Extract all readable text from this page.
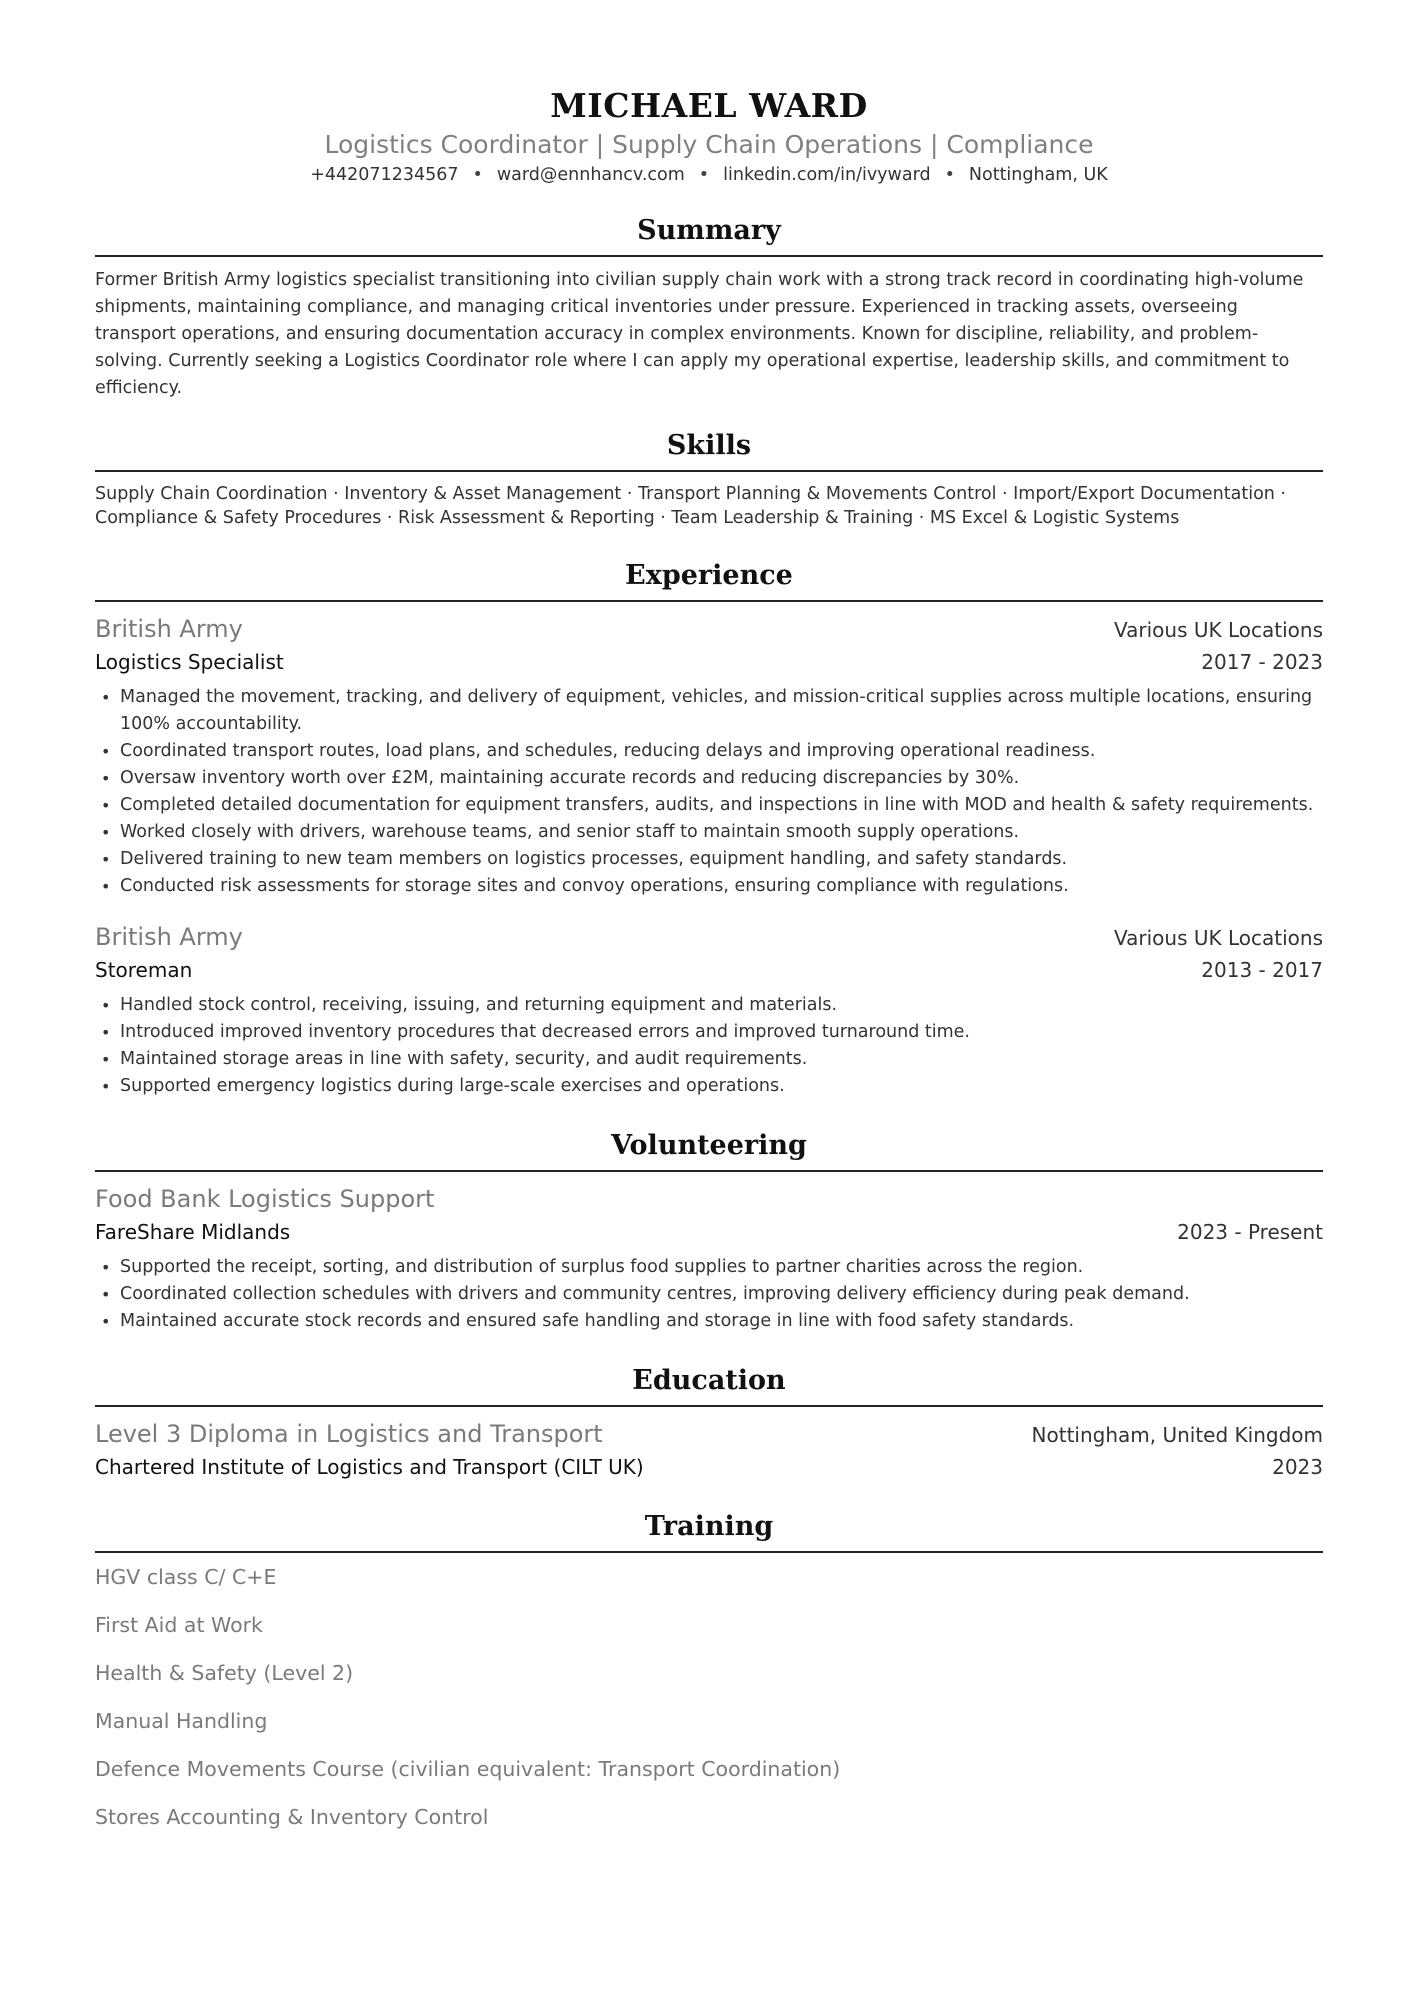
MICHAEL WARD
Logistics Coordinator | Supply Chain Operations | Compliance
+442071234567 • ward@ennhancv.com • linkedin.com/in/ivyward • Nottingham, UK
Summary
Former British Army logistics specialist transitioning into civilian supply chain work with a strong track record in coordinating high-volume shipments, maintaining compliance, and managing critical inventories under pressure. Experienced in tracking assets, overseeing transport operations, and ensuring documentation accuracy in complex environments. Known for discipline, reliability, and problem-solving. Currently seeking a Logistics Coordinator role where I can apply my operational expertise, leadership skills, and commitment to efficiency.
Skills
Supply Chain Coordination · Inventory & Asset Management · Transport Planning & Movements Control · Import/Export Documentation ·
Compliance & Safety Procedures · Risk Assessment & Reporting · Team Leadership & Training · MS Excel & Logistic Systems
Experience
British Army	Various UK Locations
Logistics Specialist	2017 - 2023
• Managed the movement, tracking, and delivery of equipment, vehicles, and mission-critical supplies across multiple locations, ensuring 100% accountability.
• Coordinated transport routes, load plans, and schedules, reducing delays and improving operational readiness.
• Oversaw inventory worth over £2M, maintaining accurate records and reducing discrepancies by 30%.
• Completed detailed documentation for equipment transfers, audits, and inspections in line with MOD and health & safety requirements.
• Worked closely with drivers, warehouse teams, and senior staff to maintain smooth supply operations.
• Delivered training to new team members on logistics processes, equipment handling, and safety standards.
• Conducted risk assessments for storage sites and convoy operations, ensuring compliance with regulations.
British Army	Various UK Locations
Storeman	2013 - 2017
• Handled stock control, receiving, issuing, and returning equipment and materials.
• Introduced improved inventory procedures that decreased errors and improved turnaround time.
• Maintained storage areas in line with safety, security, and audit requirements.
• Supported emergency logistics during large-scale exercises and operations.
Volunteering
Food Bank Logistics Support
FareShare Midlands	2023 - Present
• Supported the receipt, sorting, and distribution of surplus food supplies to partner charities across the region.
• Coordinated collection schedules with drivers and community centres, improving delivery efficiency during peak demand.
• Maintained accurate stock records and ensured safe handling and storage in line with food safety standards.
Education
Level 3 Diploma in Logistics and Transport	Nottingham, United Kingdom
Chartered Institute of Logistics and Transport (CILT UK)	2023
Training
HGV class C/ C+E
First Aid at Work
Health & Safety (Level 2)
Manual Handling
Defence Movements Course (civilian equivalent: Transport Coordination)
Stores Accounting & Inventory Control
